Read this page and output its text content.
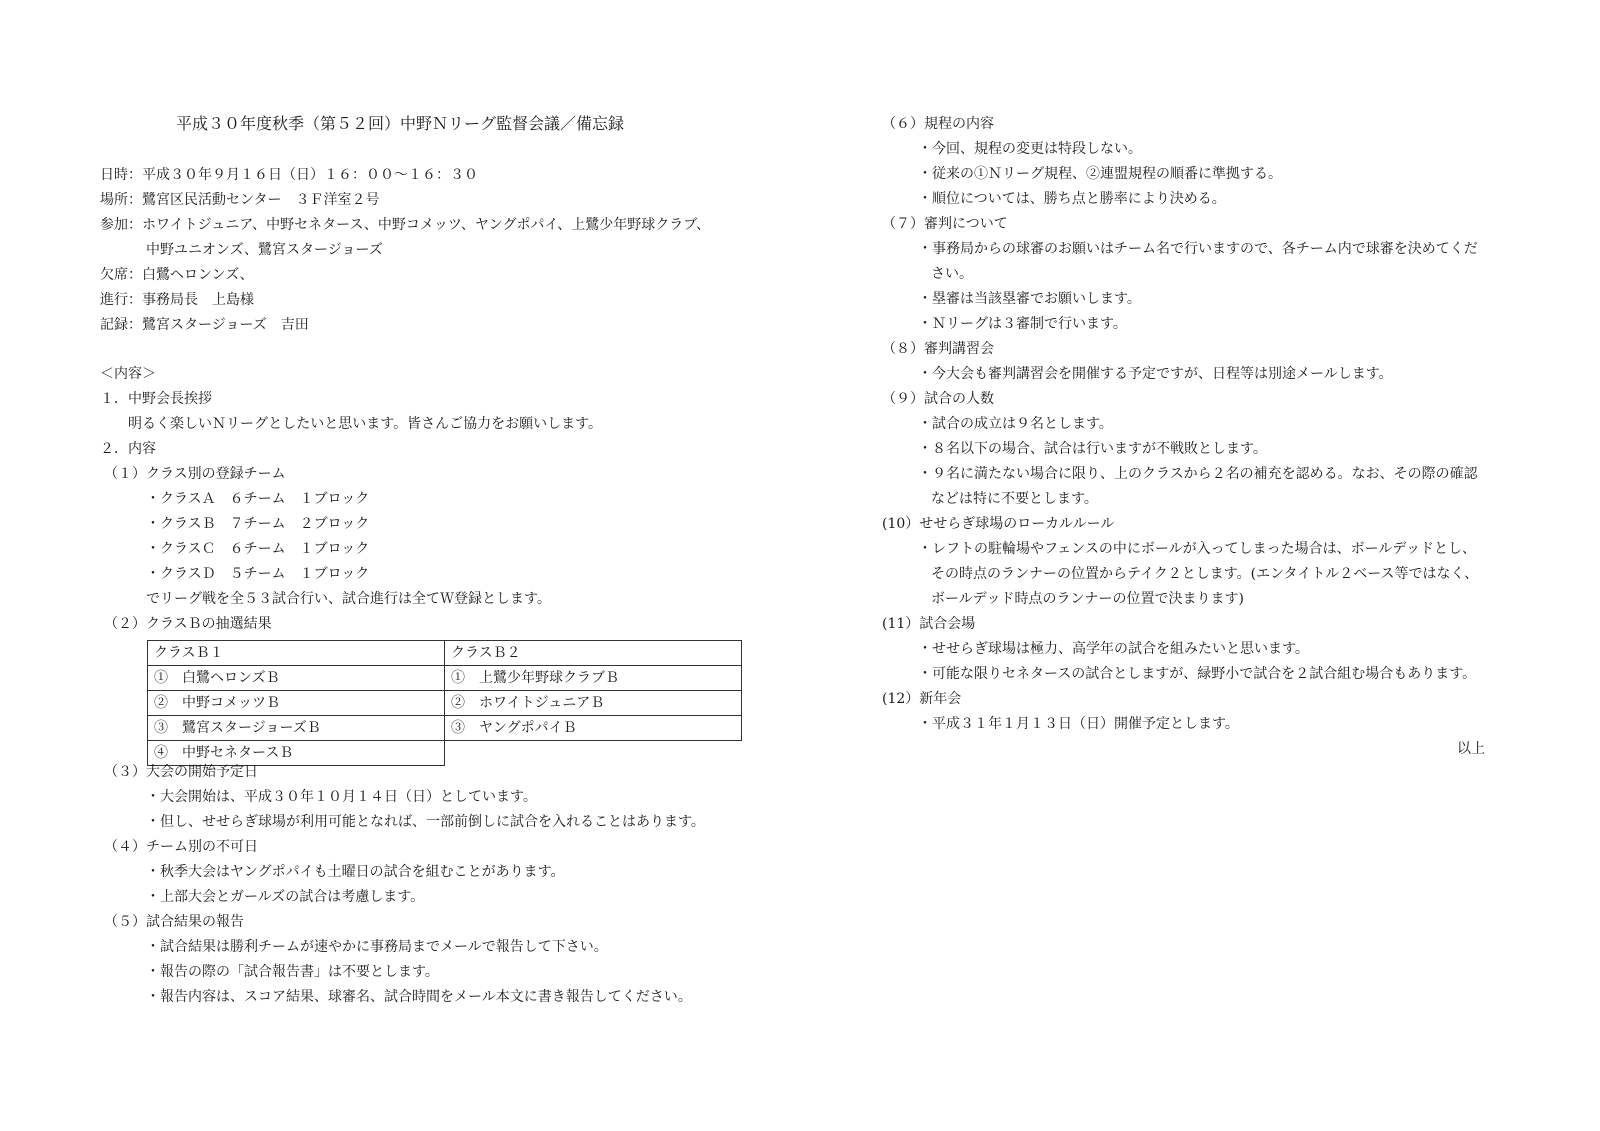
平成３０年度秋季（第５２回）中野Ｎリーグ監督会議／備忘録
日時：平成３０年９月１６日（日）１６：００〜１６：３０
場所：鷺宮区民活動センター　３Ｆ洋室２号
参加：ホワイトジュニア、中野セネタース、中野コメッツ、ヤングポパイ、上鷺少年野球クラブ、
中野ユニオンズ、鷺宮スタージョーズ
欠席：白鷺ヘロンンズ、
進行：事務局長　上島様
記録：鷺宮スタージョーズ　吉田
＜内容＞
１．中野会長挨拶
明るく楽しいＮリーグとしたいと思います。皆さんご協力をお願いします。
２．内容
（１）クラス別の登録チーム
・クラスＡ　６チーム　１ブロック
・クラスＢ　７チーム　２ブロック
・クラスＣ　６チーム　１ブロック
・クラスＤ　５チーム　１ブロック
でリーグ戦を全５３試合行い、試合進行は全てＷ登録とします。
（２）クラスＢの抽選結果
クラスＢ１	クラスＢ２
①　白鷺ヘロンズＢ	①　上鷺少年野球クラブＢ
②　中野コメッツＢ	②　ホワイトジュニアＢ
③　鷺宮スタージョーズＢ	③　ヤングポパイＢ
④　中野セネタースＢ	
（３）大会の開始予定日
・大会開始は、平成３０年１０月１４日（日）としています。
・但し、せせらぎ球場が利用可能となれば、一部前倒しに試合を入れることはあります。
（４）チーム別の不可日
・秋季大会はヤングポパイも土曜日の試合を組むことがあります。
・上部大会とガールズの試合は考慮します。
（５）試合結果の報告
・試合結果は勝利チームが速やかに事務局までメールで報告して下さい。
・報告の際の「試合報告書」は不要とします。
・報告内容は、スコア結果、球審名、試合時間をメール本文に書き報告してください。
（６）規程の内容
・今回、規程の変更は特段しない。
・従来の①Ｎリーグ規程、②連盟規程の順番に準拠する。
・順位については、勝ち点と勝率により決める。
（７）審判について
・事務局からの球審のお願いはチーム名で行いますので、各チーム内で球審を決めてくだ
さい。
・塁審は当該塁審でお願いします。
・Ｎリーグは３審制で行います。
（８）審判講習会
・今大会も審判講習会を開催する予定ですが、日程等は別途メールします。
（９）試合の人数
・試合の成立は９名とします。
・８名以下の場合、試合は行いますが不戦敗とします。
・９名に満たない場合に限り、上のクラスから２名の補充を認める。なお、その際の確認
などは特に不要とします。
(10）せせらぎ球場のローカルルール
・レフトの駐輪場やフェンスの中にボールが入ってしまった場合は、ボールデッドとし、
その時点のランナーの位置からテイク２とします。(エンタイトル２ベース等ではなく、
ボールデッド時点のランナーの位置で決まります)
(11）試合会場
・せせらぎ球場は極力、高学年の試合を組みたいと思います。
・可能な限りセネタースの試合としますが、緑野小で試合を２試合組む場合もあります。
(12）新年会
・平成３１年１月１３日（日）開催予定とします。
以上
